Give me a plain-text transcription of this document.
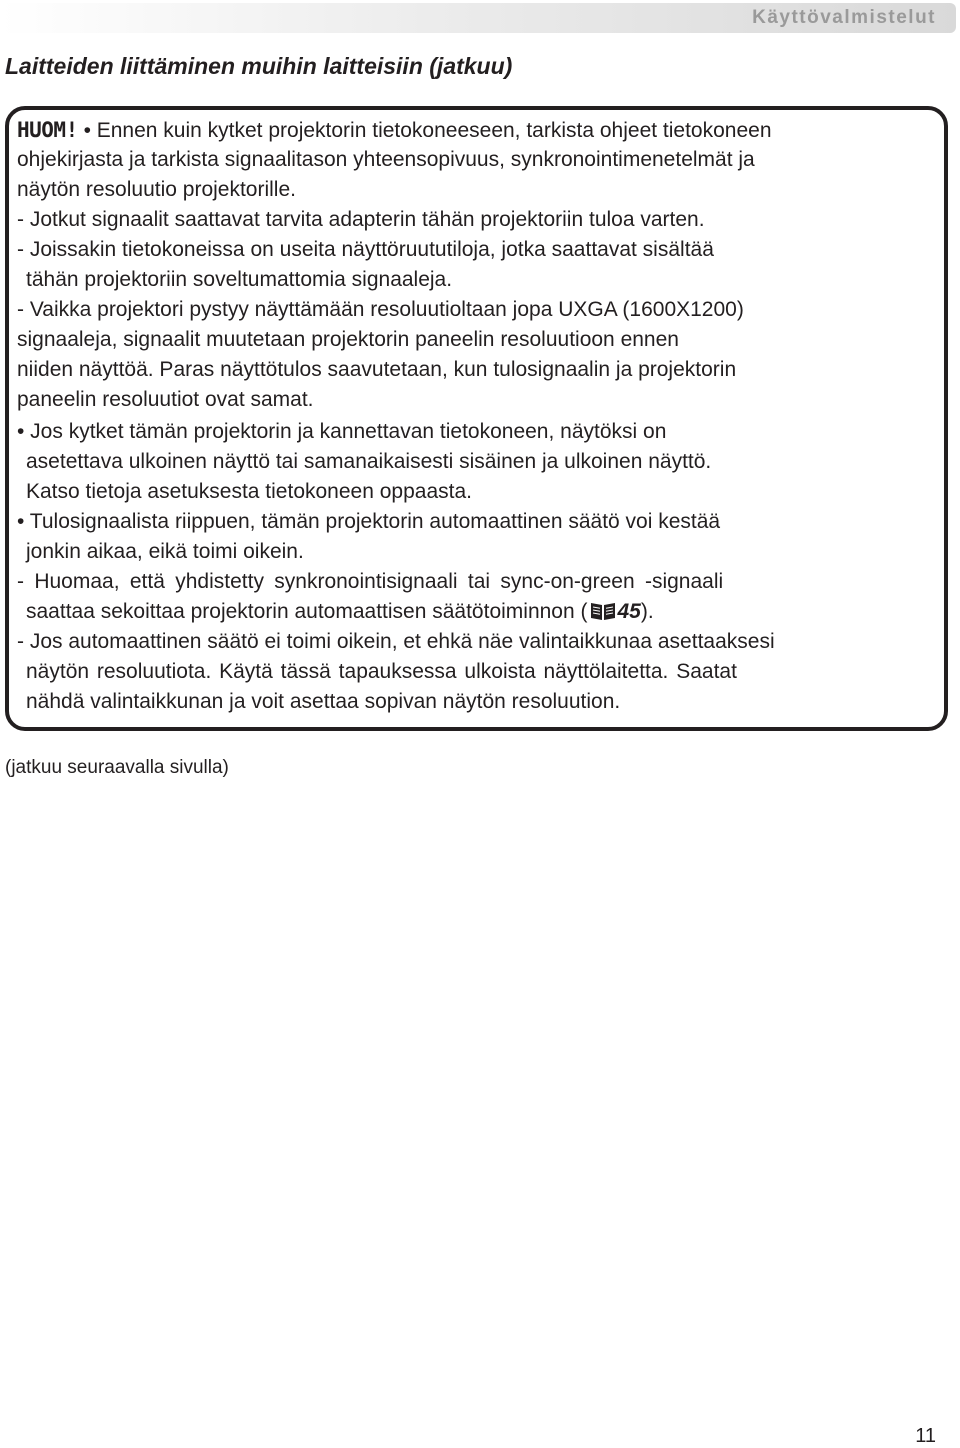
Käyttövalmistelut
Laitteiden liittäminen muihin laitteisiin (jatkuu)
HUOM! • Ennen kuin kytket projektorin tietokoneeseen, tarkista ohjeet tietokoneen
ohjekirjasta ja tarkista signaalitason yhteensopivuus, synkronointimenetelmät ja
näytön resoluutio projektorille.
- Jotkut signaalit saattavat tarvita adapterin tähän projektoriin tuloa varten.
- Joissakin tietokoneissa on useita näyttöruututiloja, jotka saattavat sisältää
tähän projektoriin soveltumattomia signaaleja.
- Vaikka projektori pystyy näyttämään resoluutioltaan jopa UXGA (1600X1200)
signaaleja, signaalit muutetaan projektorin paneelin resoluutioon ennen
niiden näyttöä. Paras näyttötulos saavutetaan, kun tulosignaalin ja projektorin
paneelin resoluutiot ovat samat.
• Jos kytket tämän projektorin ja kannettavan tietokoneen, näytöksi on
asetettava ulkoinen näyttö tai samanaikaisesti sisäinen ja ulkoinen näyttö.
Katso tietoja asetuksesta tietokoneen oppaasta.
• Tulosignaalista riippuen, tämän projektorin automaattinen säätö voi kestää
jonkin aikaa, eikä toimi oikein.
- Huomaa, että yhdistetty synkronointisignaali tai sync-on-green -signaali
saattaa sekoittaa projektorin automaattisen säätötoiminnon ( 45).
- Jos automaattinen säätö ei toimi oikein, et ehkä näe valintaikkunaa asettaaksesi
näytön resoluutiota. Käytä tässä tapauksessa ulkoista näyttölaitetta. Saatat
nähdä valintaikkunan ja voit asettaa sopivan näytön resoluution.
(jatkuu seuraavalla sivulla)
11
